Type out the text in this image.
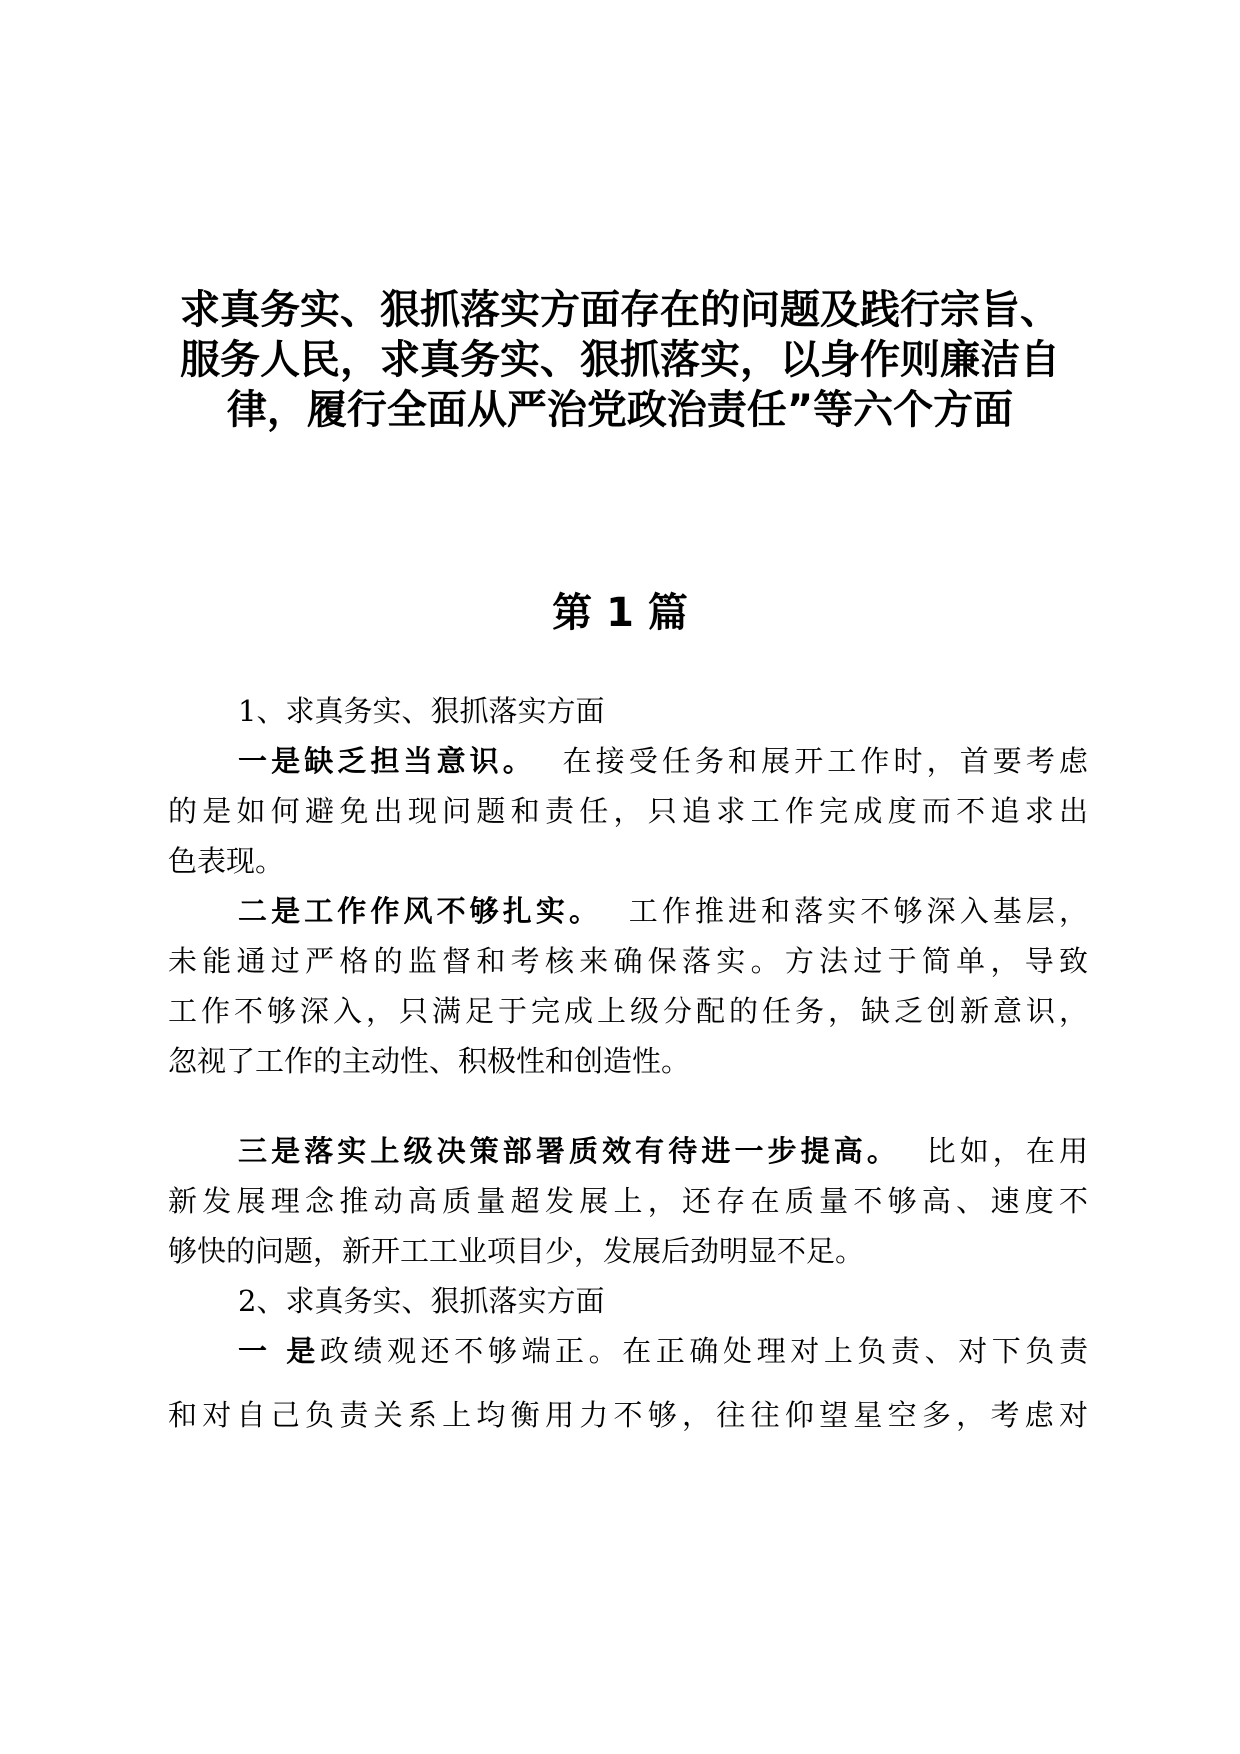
求真务实、狠抓落实方面存在的问题及践行宗旨、
服务人民，求真务实、狠抓落实，以身作则廉洁自
律，履行全面从严治党政治责任”等六个方面
第 1 篇
1、求真务实、狠抓落实方面
一是缺乏担当意识。 在接受任务和展开工作时，首要考虑
的是如何避免出现问题和责任，只追求工作完成度而不追求出
色表现。
二是工作作风不够扎实。 工作推进和落实不够深入基层，
未能通过严格的监督和考核来确保落实。方法过于简单，导致
工作不够深入，只满足于完成上级分配的任务，缺乏创新意识，
忽视了工作的主动性、积极性和创造性。
三是落实上级决策部署质效有待进一步提高。 比如，在用
新发展理念推动高质量超发展上，还存在质量不够高、速度不
够快的问题，新开工工业项目少，发展后劲明显不足。
2、求真务实、狠抓落实方面
一 是政绩观还不够端正。在正确处理对上负责、对下负责
和对自己负责关系上均衡用力不够，往往仰望星空多，考虑对
